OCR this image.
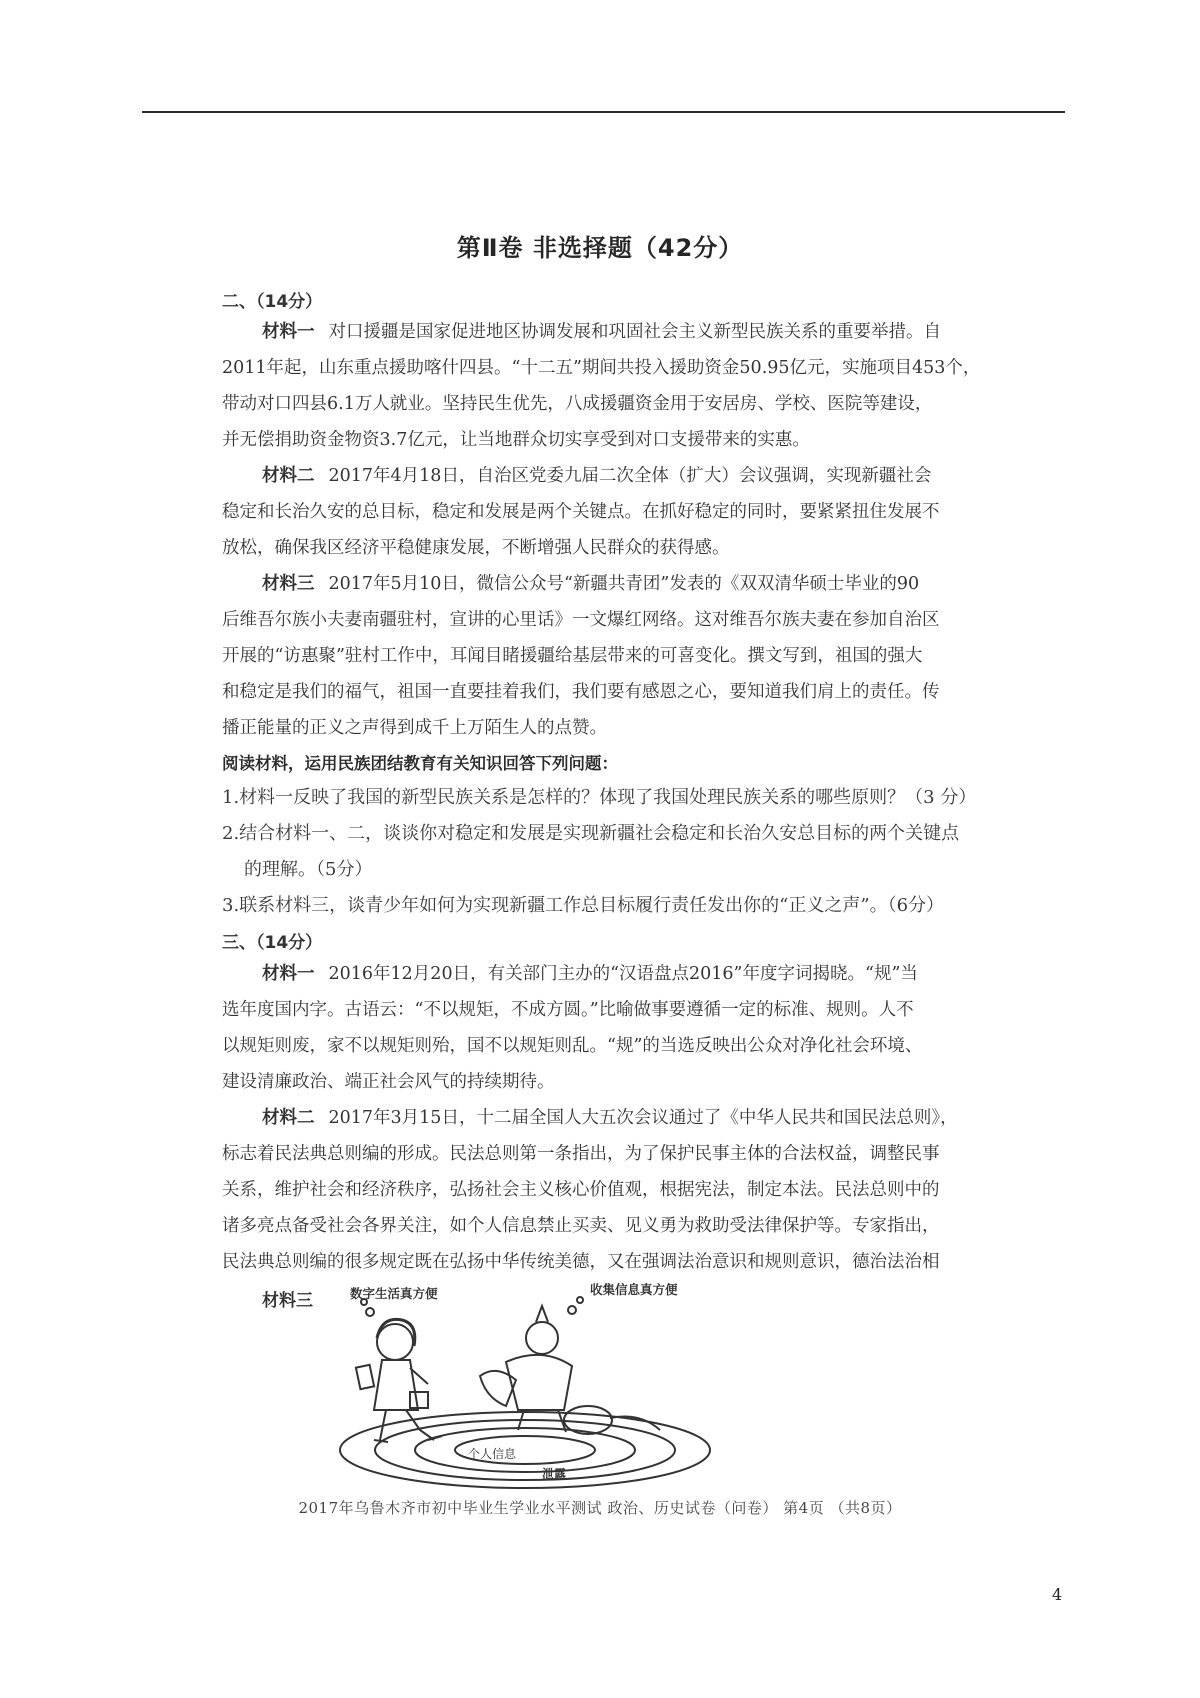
第Ⅱ卷 非选择题（42分）
二、（14分）
材料一 对口援疆是国家促进地区协调发展和巩固社会主义新型民族关系的重要举措。自
2011年起，山东重点援助喀什四县。“十二五”期间共投入援助资金50.95亿元，实施项目453个，
带动对口四县6.1万人就业。坚持民生优先，八成援疆资金用于安居房、学校、医院等建设，
并无偿捐助资金物资3.7亿元，让当地群众切实享受到对口支援带来的实惠。
材料二 2017年4月18日，自治区党委九届二次全体（扩大）会议强调，实现新疆社会
稳定和长治久安的总目标，稳定和发展是两个关键点。在抓好稳定的同时，要紧紧扭住发展不
放松，确保我区经济平稳健康发展，不断增强人民群众的获得感。
材料三 2017年5月10日，微信公众号“新疆共青团”发表的《双双清华硕士毕业的90
后维吾尔族小夫妻南疆驻村，宣讲的心里话》一文爆红网络。这对维吾尔族夫妻在参加自治区
开展的“访惠聚”驻村工作中，耳闻目睹援疆给基层带来的可喜变化。撰文写到，祖国的强大
和稳定是我们的福气，祖国一直要挂着我们，我们要有感恩之心，要知道我们肩上的责任。传
播正能量的正义之声得到成千上万陌生人的点赞。
阅读材料，运用民族团结教育有关知识回答下列问题：
1.材料一反映了我国的新型民族关系是怎样的？体现了我国处理民族关系的哪些原则？（3 分）
2.结合材料一、二，谈谈你对稳定和发展是实现新疆社会稳定和长治久安总目标的两个关键点
的理解。（5分）
3.联系材料三，谈青少年如何为实现新疆工作总目标履行责任发出你的“正义之声”。（6分）
三、（14分）
材料一 2016年12月20日，有关部门主办的“汉语盘点2016”年度字词揭晓。“规”当
选年度国内字。古语云：“不以规矩，不成方圆。”比喻做事要遵循一定的标准、规则。人不
以规矩则废，家不以规矩则殆，国不以规矩则乱。“规”的当选反映出公众对净化社会环境、
建设清廉政治、端正社会风气的持续期待。
材料二 2017年3月15日，十二届全国人大五次会议通过了《中华人民共和国民法总则》，
标志着民法典总则编的形成。民法总则第一条指出，为了保护民事主体的合法权益，调整民事
关系，维护社会和经济秩序，弘扬社会主义核心价值观，根据宪法，制定本法。民法总则中的
诸多亮点备受社会各界关注，如个人信息禁止买卖、见义勇为救助受法律保护等。专家指出，
民法典总则编的很多规定既在弘扬中华传统美德，又在强调法治意识和规则意识，德治法治相
材料三	数字生活真方便	收集信息真方便
个人信息
泄露
2017年乌鲁木齐市初中毕业生学业水平测试 政治、历史试卷（问卷） 第4页 （共8页）
4
